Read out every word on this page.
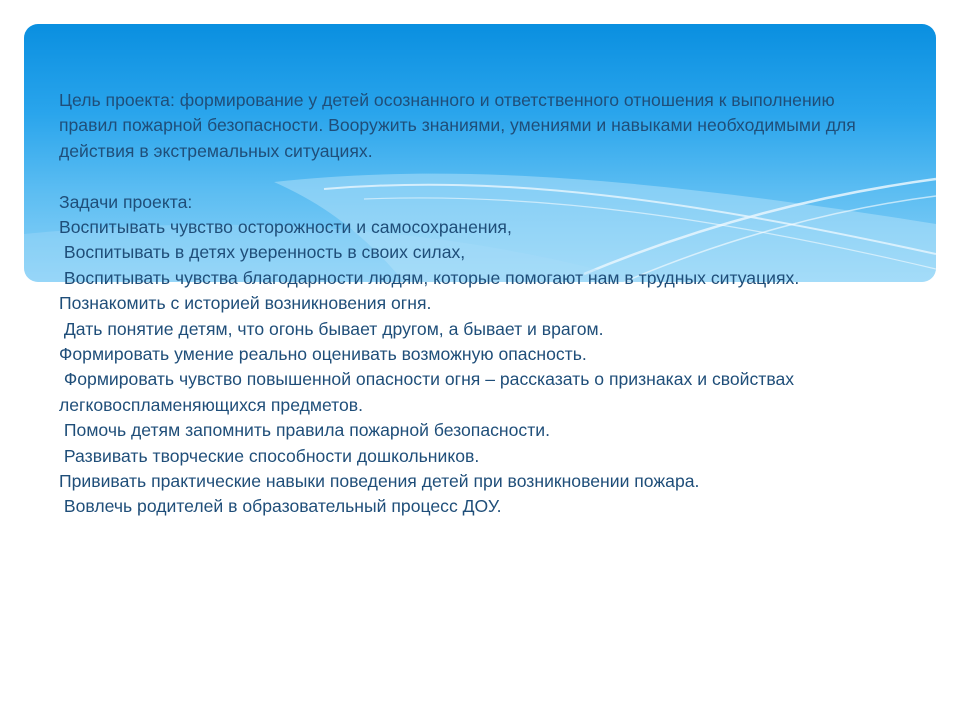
Цель проекта: формирование у детей осознанного и ответственного отношения к выполнению правил пожарной безопасности. Вооружить знаниями, умениями и навыками необходимыми для действия в экстремальных ситуациях.

Задачи проекта:

Воспитывать чувство осторожности и самосохранения,

Воспитывать в детях уверенность в своих силах,

Воспитывать чувства благодарности людям, которые помогают нам в трудных ситуациях.

Познакомить с историей возникновения огня.

Дать понятие детям, что огонь бывает другом, а бывает и врагом.

Формировать умение реально оценивать возможную опасность.

Формировать чувство повышенной опасности огня – рассказать о признаках и свойствах легковоспламеняющихся предметов.

Помочь детям запомнить правила пожарной безопасности.

Развивать творческие способности дошкольников.

Прививать практические навыки поведения детей при возникновении пожара.

Вовлечь родителей в образовательный процесс ДОУ.
